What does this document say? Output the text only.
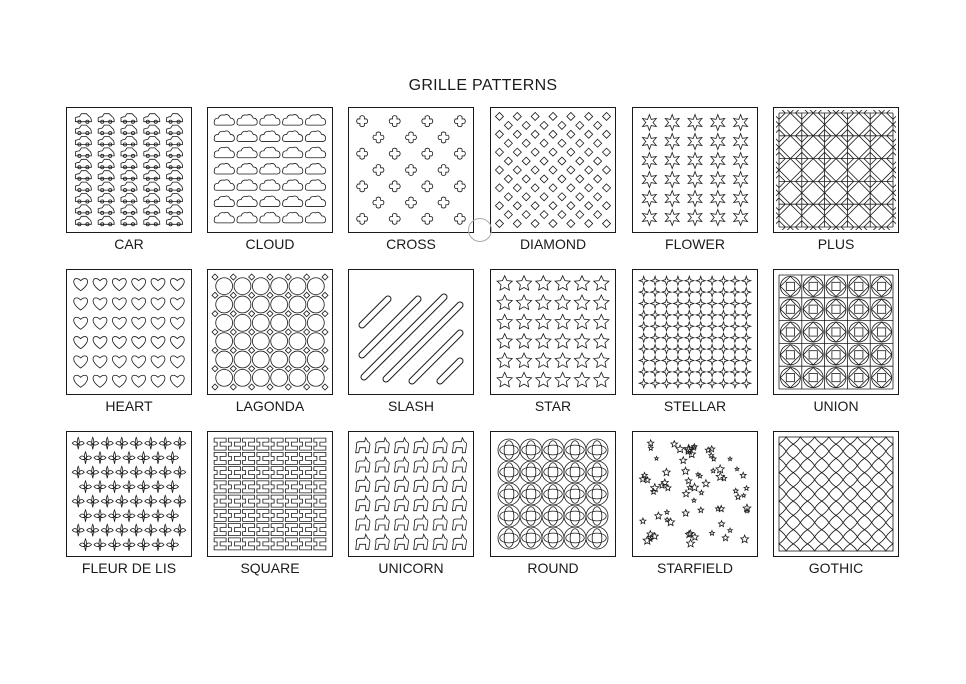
GRILLE PATTERNS
CAR	CLOUD	CROSS	DIAMOND	FLOWER	PLUS
HEART	LAGONDA	SLASH	STAR	STELLAR	UNION
FLEUR DE LIS	SQUARE	UNICORN	ROUND	STARFIELD	GOTHIC
